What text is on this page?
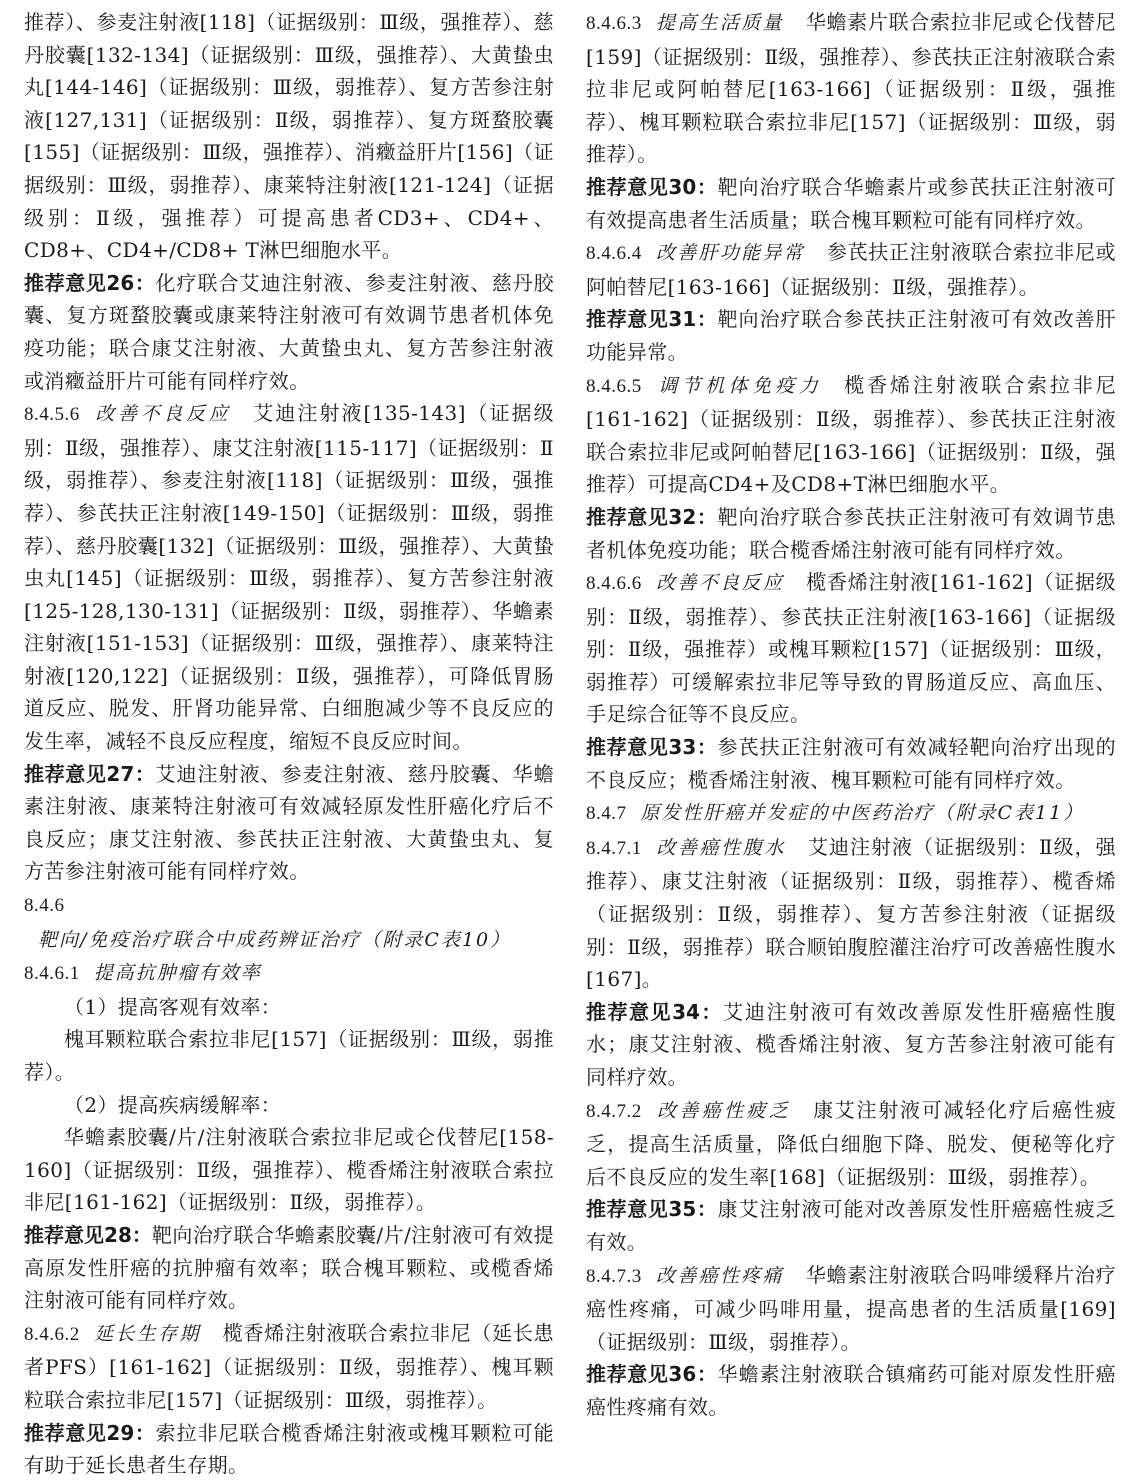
推荐）、参麦注射液[118]（证据级别：Ⅲ级，强推荐）、慈丹胶囊[132-134]（证据级别：Ⅲ级，强推荐）、大黄蛰虫丸[144-146]（证据级别：Ⅲ级，弱推荐）、复方苦参注射液[127,131]（证据级别：Ⅱ级，弱推荐）、复方斑蝥胶囊[155]（证据级别：Ⅲ级，强推荐）、消癥益肝片[156]（证据级别：Ⅲ级，弱推荐）、康莱特注射液[121-124]（证据级别：Ⅱ级，强推荐）可提高患者CD3+、CD4+、CD8+、CD4+/CD8+ T淋巴细胞水平。

推荐意见26：化疗联合艾迪注射液、参麦注射液、慈丹胶囊、复方斑蝥胶囊或康莱特注射液可有效调节患者机体免疫功能；联合康艾注射液、大黄蛰虫丸、复方苦参注射液或消癥益肝片可能有同样疗效。

8.4.5.6 改善不良反应 艾迪注射液[135-143]（证据级别：Ⅱ级，强推荐）、康艾注射液[115-117]（证据级别：Ⅱ级，弱推荐）、参麦注射液[118]（证据级别：Ⅲ级，强推荐）、参芪扶正注射液[149-150]（证据级别：Ⅲ级，弱推荐）、慈丹胶囊[132]（证据级别：Ⅲ级，强推荐）、大黄蛰虫丸[145]（证据级别：Ⅲ级，弱推荐）、复方苦参注射液[125-128,130-131]（证据级别：Ⅱ级，弱推荐）、华蟾素注射液[151-153]（证据级别：Ⅲ级，强推荐）、康莱特注射液[120,122]（证据级别：Ⅱ级，强推荐），可降低胃肠道反应、脱发、肝肾功能异常、白细胞减少等不良反应的发生率，减轻不良反应程度，缩短不良反应时间。

推荐意见27：艾迪注射液、参麦注射液、慈丹胶囊、华蟾素注射液、康莱特注射液可有效减轻原发性肝癌化疗后不良反应；康艾注射液、参芪扶正注射液、大黄蛰虫丸、复方苦参注射液可能有同样疗效。

8.4.6靶向/免疫治疗联合中成药辨证治疗（附录C表10）

8.4.6.1 提高抗肿瘤有效率

（1）提高客观有效率：

槐耳颗粒联合索拉非尼[157]（证据级别：Ⅲ级，弱推荐）。

（2）提高疾病缓解率：

华蟾素胶囊/片/注射液联合索拉非尼或仑伐替尼[158-160]（证据级别：Ⅱ级，强推荐）、榄香烯注射液联合索拉非尼[161-162]（证据级别：Ⅱ级，弱推荐）。

推荐意见28：靶向治疗联合华蟾素胶囊/片/注射液可有效提高原发性肝癌的抗肿瘤有效率；联合槐耳颗粒、或榄香烯注射液可能有同样疗效。

8.4.6.2 延长生存期 榄香烯注射液联合索拉非尼（延长患者PFS）[161-162]（证据级别：Ⅱ级，弱推荐）、槐耳颗粒联合索拉非尼[157]（证据级别：Ⅲ级，弱推荐）。

推荐意见29：索拉非尼联合榄香烯注射液或槐耳颗粒可能有助于延长患者生存期。

8.4.6.3 提高生活质量 华蟾素片联合索拉非尼或仑伐替尼[159]（证据级别：Ⅱ级，强推荐）、参芪扶正注射液联合索拉非尼或阿帕替尼[163-166]（证据级别：Ⅱ级，强推荐）、槐耳颗粒联合索拉非尼[157]（证据级别：Ⅲ级，弱推荐）。

推荐意见30：靶向治疗联合华蟾素片或参芪扶正注射液可有效提高患者生活质量；联合槐耳颗粒可能有同样疗效。

8.4.6.4 改善肝功能异常 参芪扶正注射液联合索拉非尼或阿帕替尼[163-166]（证据级别：Ⅱ级，强推荐）。

推荐意见31：靶向治疗联合参芪扶正注射液可有效改善肝功能异常。

8.4.6.5 调节机体免疫力 榄香烯注射液联合索拉非尼[161-162]（证据级别：Ⅱ级，弱推荐）、参芪扶正注射液联合索拉非尼或阿帕替尼[163-166]（证据级别：Ⅱ级，强推荐）可提高CD4+及CD8+T淋巴细胞水平。

推荐意见32：靶向治疗联合参芪扶正注射液可有效调节患者机体免疫功能；联合榄香烯注射液可能有同样疗效。

8.4.6.6 改善不良反应 榄香烯注射液[161-162]（证据级别：Ⅱ级，弱推荐）、参芪扶正注射液[163-166]（证据级别：Ⅱ级，强推荐）或槐耳颗粒[157]（证据级别：Ⅲ级，弱推荐）可缓解索拉非尼等导致的胃肠道反应、高血压、手足综合征等不良反应。

推荐意见33：参芪扶正注射液可有效减轻靶向治疗出现的不良反应；榄香烯注射液、槐耳颗粒可能有同样疗效。

8.4.7 原发性肝癌并发症的中医药治疗（附录C表11）

8.4.7.1 改善癌性腹水 艾迪注射液（证据级别：Ⅱ级，强推荐）、康艾注射液（证据级别：Ⅱ级，弱推荐）、榄香烯（证据级别：Ⅱ级，弱推荐）、复方苦参注射液（证据级别：Ⅱ级，弱推荐）联合顺铂腹腔灌注治疗可改善癌性腹水[167]。

推荐意见34：艾迪注射液可有效改善原发性肝癌癌性腹水；康艾注射液、榄香烯注射液、复方苦参注射液可能有同样疗效。

8.4.7.2 改善癌性疲乏 康艾注射液可减轻化疗后癌性疲乏，提高生活质量，降低白细胞下降、脱发、便秘等化疗后不良反应的发生率[168]（证据级别：Ⅲ级，弱推荐）。

推荐意见35：康艾注射液可能对改善原发性肝癌癌性疲乏有效。

8.4.7.3 改善癌性疼痛 华蟾素注射液联合吗啡缓释片治疗癌性疼痛，可减少吗啡用量，提高患者的生活质量[169]（证据级别：Ⅲ级，弱推荐）。

推荐意见36：华蟾素注射液联合镇痛药可能对原发性肝癌癌性疼痛有效。
